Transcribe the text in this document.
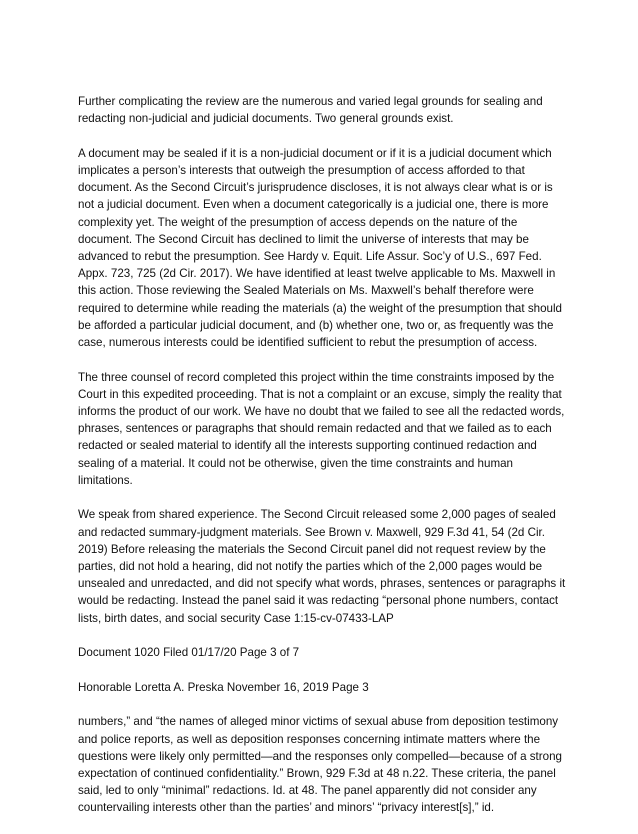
Further complicating the review are the numerous and varied legal grounds for sealing and redacting non-judicial and judicial documents. Two general grounds exist.

A document may be sealed if it is a non-judicial document or if it is a judicial document which implicates a person’s interests that outweigh the presumption of access afforded to that document. As the Second Circuit’s jurisprudence discloses, it is not always clear what is or is not a judicial document. Even when a document categorically is a judicial one, there is more complexity yet. The weight of the presumption of access depends on the nature of the document. The Second Circuit has declined to limit the universe of interests that may be advanced to rebut the presumption. See Hardy v. Equit. Life Assur. Soc’y of U.S., 697 Fed. Appx. 723, 725 (2d Cir. 2017). We have identified at least twelve applicable to Ms. Maxwell in this action. Those reviewing the Sealed Materials on Ms. Maxwell’s behalf therefore were required to determine while reading the materials (a) the weight of the presumption that should be afforded a particular judicial document, and (b) whether one, two or, as frequently was the case, numerous interests could be identified sufficient to rebut the presumption of access.

The three counsel of record completed this project within the time constraints imposed by the Court in this expedited proceeding. That is not a complaint or an excuse, simply the reality that informs the product of our work. We have no doubt that we failed to see all the redacted words, phrases, sentences or paragraphs that should remain redacted and that we failed as to each redacted or sealed material to identify all the interests supporting continued redaction and sealing of a material. It could not be otherwise, given the time constraints and human limitations.

We speak from shared experience. The Second Circuit released some 2,000 pages of sealed and redacted summary-judgment materials. See Brown v. Maxwell, 929 F.3d 41, 54 (2d Cir. 2019) Before releasing the materials the Second Circuit panel did not request review by the parties, did not hold a hearing, did not notify the parties which of the 2,000 pages would be unsealed and unredacted, and did not specify what words, phrases, sentences or paragraphs it would be redacting. Instead the panel said it was redacting “personal phone numbers, contact lists, birth dates, and social security Case 1:15-cv-07433-LAP

Document 1020 Filed 01/17/20 Page 3 of 7

Honorable Loretta A. Preska November 16, 2019 Page 3

numbers,” and “the names of alleged minor victims of sexual abuse from deposition testimony and police reports, as well as deposition responses concerning intimate matters where the questions were likely only permitted—and the responses only compelled—because of a strong expectation of continued confidentiality.” Brown, 929 F.3d at 48 n.22. These criteria, the panel said, led to only “minimal” redactions. Id. at 48. The panel apparently did not consider any countervailing interests other than the parties’ and minors’ “privacy interest[s],” id.
